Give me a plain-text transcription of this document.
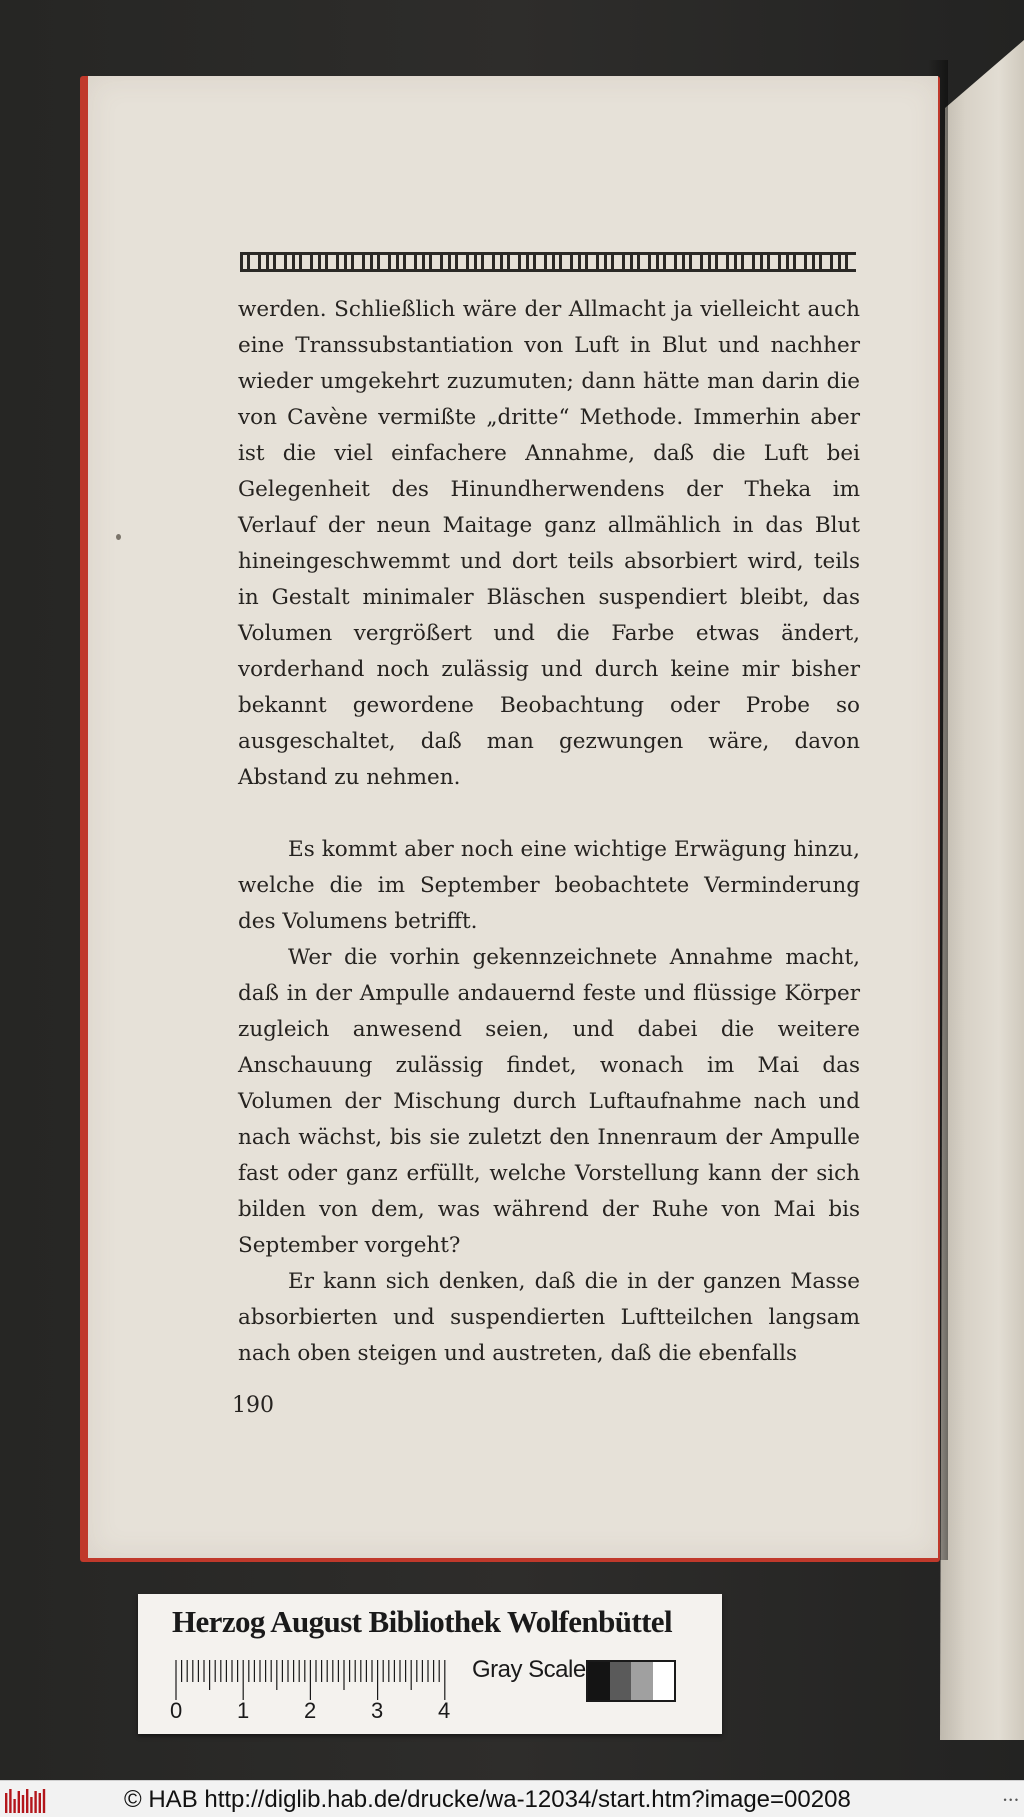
werden. Schließlich wäre der Allmacht ja vielleicht auch eine Transsubstantiation von Luft in Blut und nachher wieder umgekehrt zuzumuten; dann hätte man darin die von Cavène vermißte „dritte“ Methode. Immerhin aber ist die viel einfachere Annahme, daß die Luft bei Gelegenheit des Hinundherwendens der Theka im Verlauf der neun Maitage ganz allmählich in das Blut hineingeschwemmt und dort teils absorbiert wird, teils in Gestalt minimaler Bläschen suspendiert bleibt, das Volumen vergrößert und die Farbe etwas ändert, vorderhand noch zulässig und durch keine mir bisher bekannt gewordene Beobachtung oder Probe so ausgeschaltet, daß man gezwungen wäre, davon Abstand zu nehmen.

Es kommt aber noch eine wichtige Erwägung hinzu, welche die im September beobachtete Verminderung des Volumens betrifft.

Wer die vorhin gekennzeichnete Annahme macht, daß in der Ampulle andauernd feste und flüssige Körper zugleich anwesend seien, und dabei die weitere Anschauung zulässig findet, wonach im Mai das Volumen der Mischung durch Luftaufnahme nach und nach wächst, bis sie zuletzt den Innenraum der Ampulle fast oder ganz erfüllt, welche Vorstellung kann der sich bilden von dem, was während der Ruhe von Mai bis September vorgeht?

Er kann sich denken, daß die in der ganzen Masse absorbierten und suspendierten Luftteilchen langsam nach oben steigen und austreten, daß die ebenfalls

190
Herzog August Bibliothek Wolfenbüttel
0 1 2 3 4
Gray Scale
© HAB http://diglib.hab.de/drucke/wa-12034/start.htm?image=00208	• • •
